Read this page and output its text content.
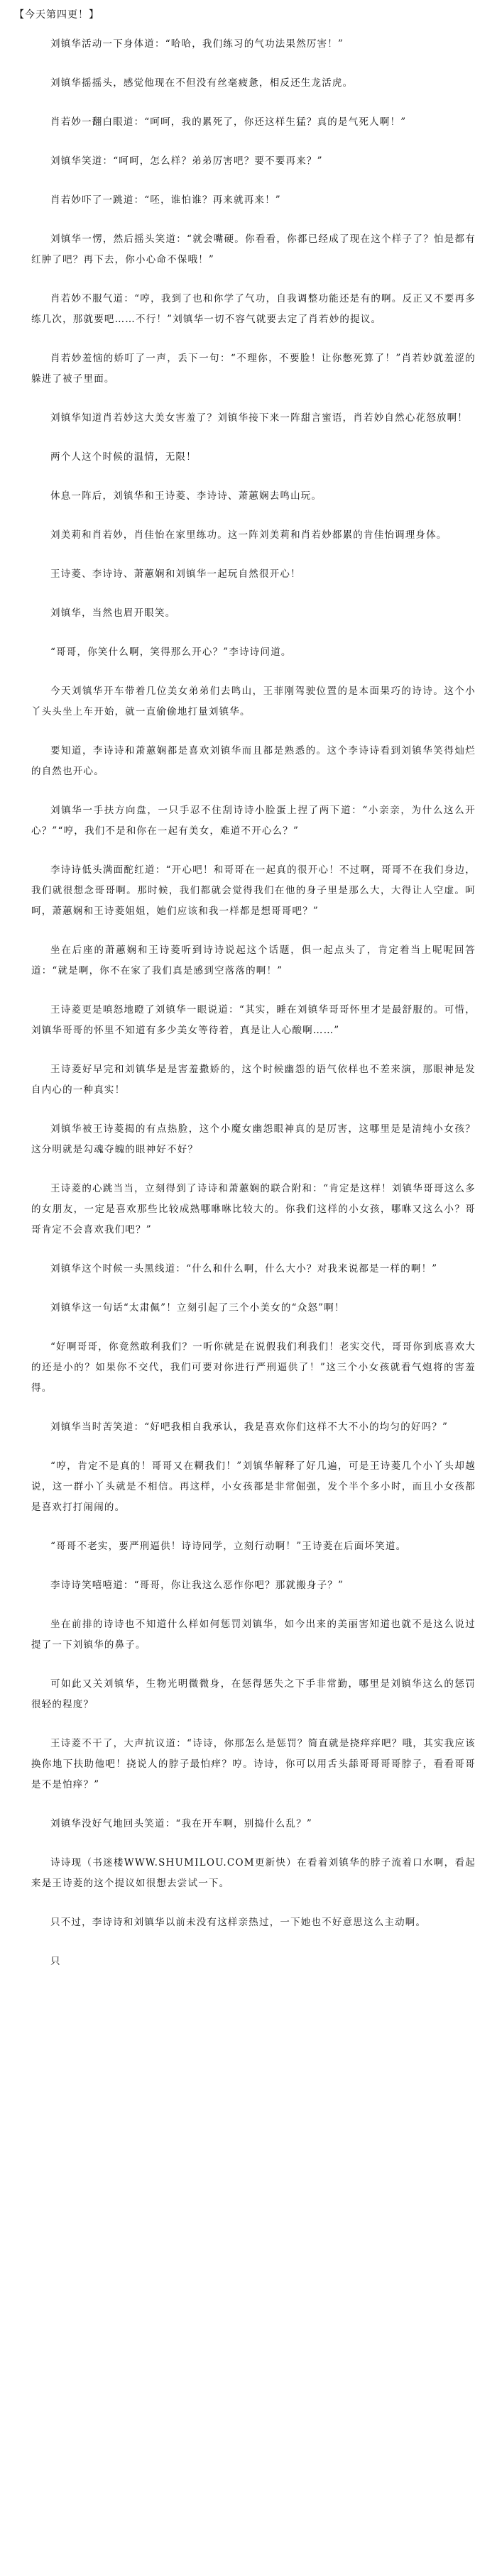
【今天第四更！】

刘镇华活动一下身体道：“哈哈，我们练习的气功法果然厉害！”

刘镇华摇摇头，感觉他现在不但没有丝毫疲惫，相反还生龙活虎。

肖若妙一翻白眼道：“呵呵，我的累死了，你还这样生猛？真的是气死人啊！”

刘镇华笑道：“呵呵，怎么样？弟弟厉害吧？要不要再来？”

肖若妙吓了一跳道：“呸，谁怕谁？再来就再来！”

刘镇华一愣，然后摇头笑道：“就会嘴硬。你看看，你都已经成了现在这个样子了？怕是都有红肿了吧？再下去，你小心命不保哦！”

肖若妙不服气道：“哼，我到了也和你学了气功，自我调整功能还是有的啊。反正又不要再多练几次，那就要吧……不行！”刘镇华一切不容气就要去定了肖若妙的提议。

肖若妙羞恼的娇叮了一声，丢下一句：“不理你，不要脸！让你憋死算了！”肖若妙就羞涩的躲进了被子里面。

刘镇华知道肖若妙这大美女害羞了？刘镇华接下来一阵甜言蜜语，肖若妙自然心花怒放啊！

两个人这个时候的温情，无限！

休息一阵后，刘镇华和王诗菱、李诗诗、萧蕙娴去鸣山玩。

刘美莉和肖若妙，肖佳怡在家里练功。这一阵刘美莉和肖若妙都累的肯佳怡调理身体。

王诗菱、李诗诗、萧蕙娴和刘镇华一起玩自然很开心！

刘镇华，当然也眉开眼笑。

“哥哥，你笑什么啊，笑得那么开心？”李诗诗问道。

今天刘镇华开车带着几位美女弟弟们去鸣山，王菲刚驾驶位置的是本面果巧的诗诗。这个小丫头头坐上车开始，就一直偷偷地打量刘镇华。

要知道，李诗诗和萧蕙娴都是喜欢刘镇华而且都是熟悉的。这个李诗诗看到刘镇华笑得灿烂的自然也开心。

刘镇华一手扶方向盘，一只手忍不住刮诗诗小脸蛋上捏了两下道：“小亲亲，为什么这么开心？”“哼，我们不是和你在一起有美女，难道不开心么？”

李诗诗低头满面酡红道：“开心吧！和哥哥在一起真的很开心！不过啊，哥哥不在我们身边，我们就很想念哥哥啊。那时候，我们都就会觉得我们在他的身子里是那么大，大得让人空虚。呵呵，萧蕙娴和王诗菱姐姐，她们应该和我一样都是想哥哥吧？”

坐在后座的萧蕙娴和王诗菱听到诗诗说起这个话题，俱一起点头了，肯定着当上呢呢回答道：“就是啊，你不在家了我们真是感到空落落的啊！”

王诗菱更是嗔怒地瞪了刘镇华一眼说道：“其实，睡在刘镇华哥哥怀里才是最舒服的。可惜，刘镇华哥哥的怀里不知道有多少美女等待着，真是让人心酸啊……”

王诗菱好早完和刘镇华是是害羞撒娇的，这个时候幽怨的语气依样也不差来演，那眼神是发自内心的一种真实！

刘镇华被王诗菱揭的有点热脸，这个小魔女幽怨眼神真的是厉害，这哪里是是清纯小女孩？这分明就是勾魂夺魄的眼神好不好？

王诗菱的心跳当当，立刻得到了诗诗和萧蕙娴的联合附和：“肯定是这样！刘镇华哥哥这么多的女朋友，一定是喜欢那些比较成熟哪咻咻比较大的。你我们这样的小女孩，哪咻又这么小？哥哥肯定不会喜欢我们吧？”

刘镇华这个时候一头黑线道：“什么和什么啊，什么大小？对我来说都是一样的啊！”

刘镇华这一句话“太肃佩”！立刻引起了三个小美女的“众怒”啊！

“好啊哥哥，你竟然敢利我们？一听你就是在说假我们利我们！老实交代，哥哥你到底喜欢大的还是小的？如果你不交代，我们可要对你进行严刑逼供了！”这三个小女孩就看气炮将的害羞得。

刘镇华当时苦笑道：“好吧我相自我承认，我是喜欢你们这样不大不小的均匀的好吗？”

“哼，肯定不是真的！哥哥又在糊我们！”刘镇华解释了好几遍，可是王诗菱几个小丫头却越说，这一群小丫头就是不相信。再这样，小女孩都是非常倔强，发个半个多小时，而且小女孩都是喜欢打打闹闹的。

“哥哥不老实，要严刑逼供！诗诗同学，立刻行动啊！”王诗菱在后面坏笑道。

李诗诗笑嘻嘻道：“哥哥，你让我这么恶作你吧？那就搬身子？”

坐在前排的诗诗也不知道什么样如何惩罚刘镇华，如今出来的美丽害知道也就不是这么说过提了一下刘镇华的鼻子。

可如此又关刘镇华，生物光明微微身，在惩得惩失之下手非常勤，哪里是刘镇华这么的惩罚很轻的程度？

王诗菱不干了，大声抗议道：“诗诗，你那怎么是惩罚？简直就是挠痒痒吧？哦，其实我应该换你地下扶助他吧！挠说人的脖子最怕痒？哼。诗诗，你可以用舌头舔哥哥哥哥脖子，看看哥哥是不是怕痒？”

刘镇华没好气地回头笑道：“我在开车啊，别捣什么乱？”

诗诗现（书迷楼WWW.SHUMILOU.COM更新快）在看着刘镇华的脖子流着口水啊，看起来是王诗菱的这个提议如很想去尝试一下。

只不过，李诗诗和刘镇华以前未没有这样亲热过，一下她也不好意思这么主动啊。

只
